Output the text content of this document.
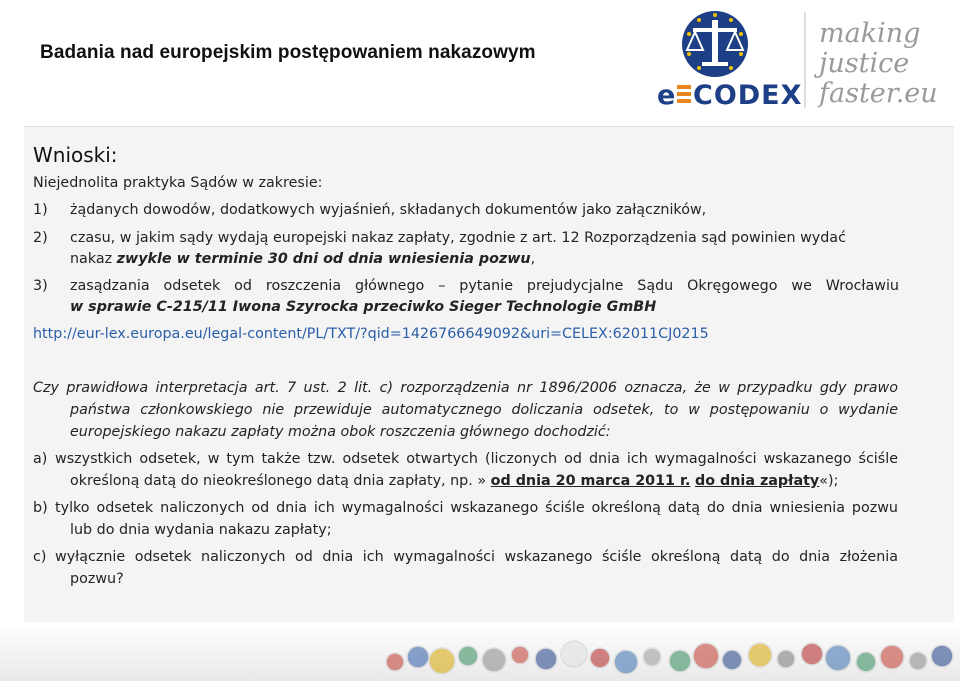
Badania nad europejskim postępowaniem nakazowym
e CODEX
making
justice
faster.eu
Wnioski:
Niejednolita praktyka Sądów w zakresie:
1) żądanych dowodów, dodatkowych wyjaśnień, składanych dokumentów jako załączników,
2) czasu, w jakim sądy wydają europejski nakaz zapłaty, zgodnie z art. 12 Rozporządzenia sąd powinien wydać
nakaz zwykle w terminie 30 dni od dnia wniesienia pozwu,
3) zasądzania odsetek od roszczenia głównego – pytanie prejudycjalne Sądu Okręgowego we Wrocławiu
w sprawie C-215/11 Iwona Szyrocka przeciwko Sieger Technologie GmBH
http://eur-lex.europa.eu/legal-content/PL/TXT/?qid=1426766649092&uri=CELEX:62011CJ0215
Czy prawidłowa interpretacja art. 7 ust. 2 lit. c) rozporządzenia nr 1896/2006 oznacza, że w przypadku gdy prawo
państwa członkowskiego nie przewiduje automatycznego doliczania odsetek, to w postępowaniu o wydanie
europejskiego nakazu zapłaty można obok roszczenia głównego dochodzić:
a) wszystkich odsetek, w tym także tzw. odsetek otwartych (liczonych od dnia ich wymagalności wskazanego ściśle
określoną datą do nieokreślonego datą dnia zapłaty, np. » od dnia 20 marca 2011 r. do dnia zapłaty«);
b) tylko odsetek naliczonych od dnia ich wymagalności wskazanego ściśle określoną datą do dnia wniesienia pozwu
lub do dnia wydania nakazu zapłaty;
c) wyłącznie odsetek naliczonych od dnia ich wymagalności wskazanego ściśle określoną datą do dnia złożenia
pozwu?
